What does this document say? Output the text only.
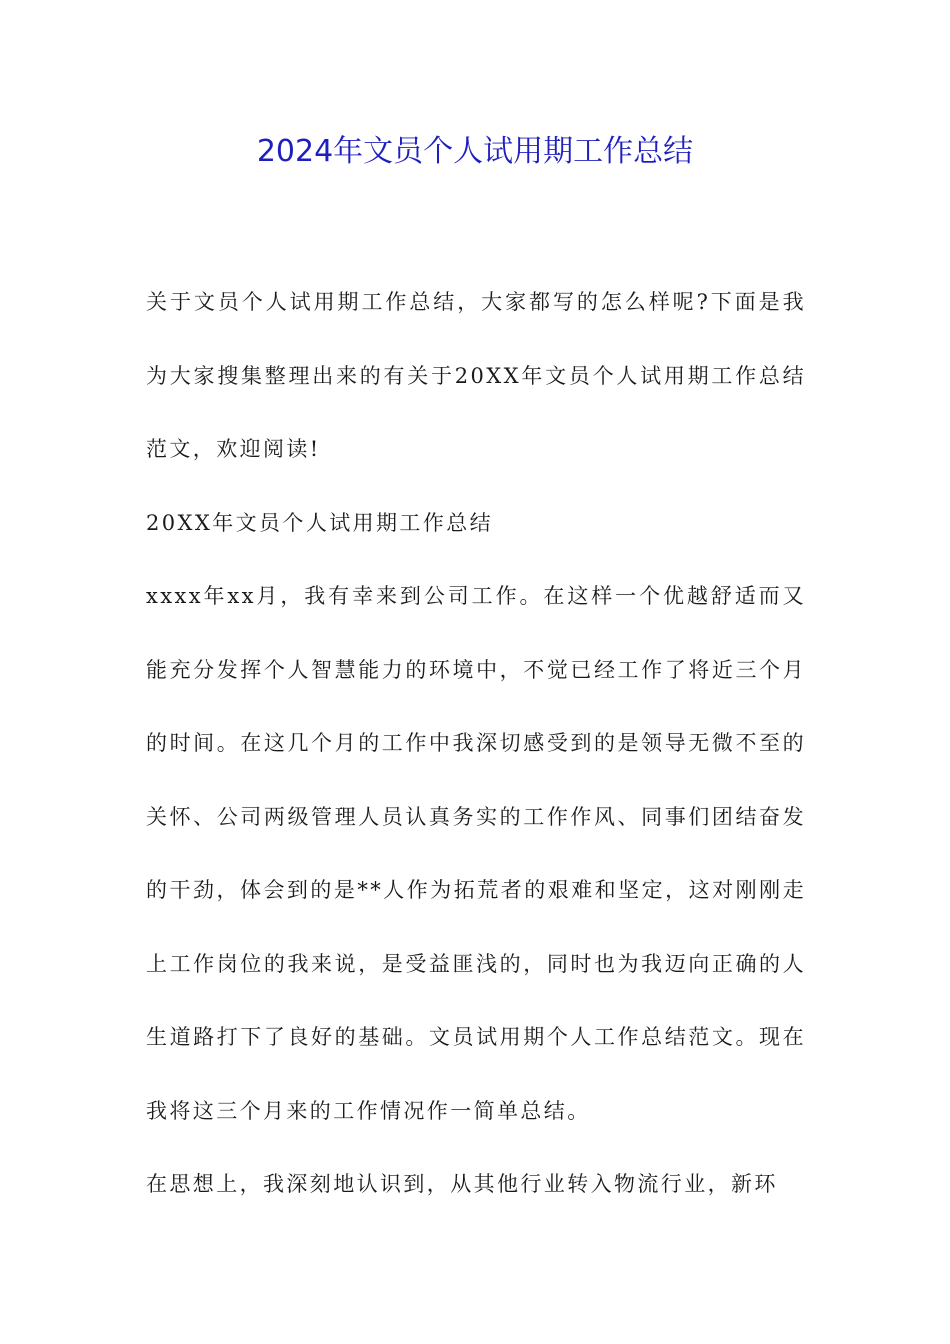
2024年文员个人试用期工作总结

关于文员个人试用期工作总结，大家都写的怎么样呢?下面是我为大家搜集整理出来的有关于20XX年文员个人试用期工作总结范文，欢迎阅读!

20XX年文员个人试用期工作总结

xxxx年xx月，我有幸来到公司工作。在这样一个优越舒适而又能充分发挥个人智慧能力的环境中，不觉已经工作了将近三个月的时间。在这几个月的工作中我深切感受到的是领导无微不至的关怀、公司两级管理人员认真务实的工作作风、同事们团结奋发的干劲，体会到的是**人作为拓荒者的艰难和坚定，这对刚刚走上工作岗位的我来说，是受益匪浅的，同时也为我迈向正确的人生道路打下了良好的基础。文员试用期个人工作总结范文。现在我将这三个月来的工作情况作一简单总结。

在思想上，我深刻地认识到，从其他行业转入物流行业，新环
